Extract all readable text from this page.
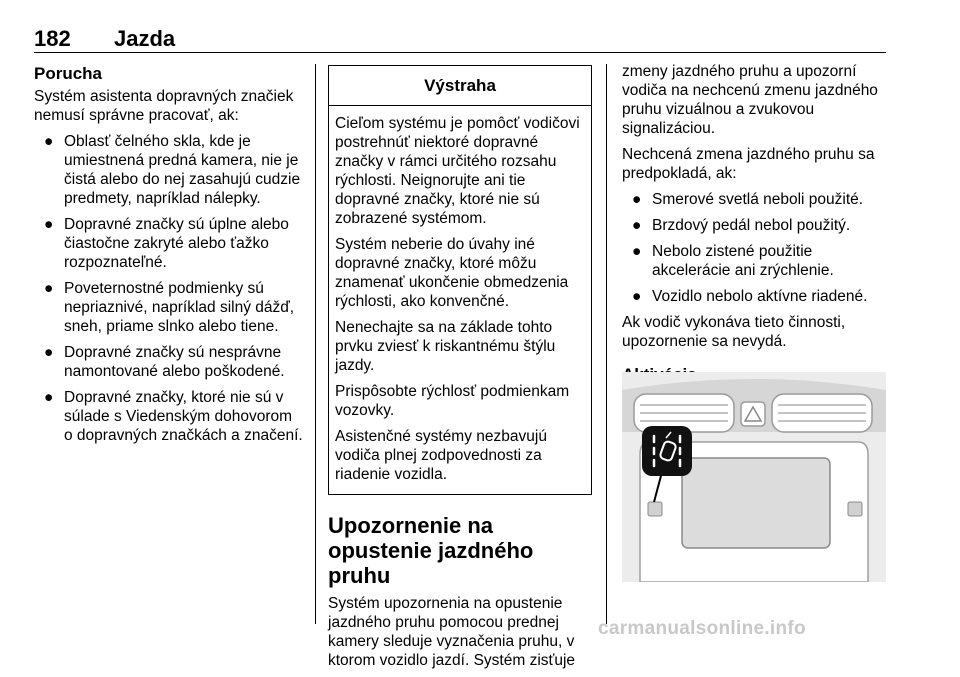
182 Jazda
Porucha

Systém asistenta dopravných značiek nemusí správne pracovať, ak:

● Oblasť čelného skla, kde je umiestnená predná kamera, nie je čistá alebo do nej zasahujú cudzie predmety, napríklad nálepky.
● Dopravné značky sú úplne alebo čiastočne zakryté alebo ťažko rozpoznateľné.
● Poveternostné podmienky sú nepriaznivé, napríklad silný dážď, sneh, priame slnko alebo tiene.
● Dopravné značky sú nesprávne namontované alebo poškodené.
● Dopravné značky, ktoré nie sú v súlade s Viedenským dohovorom o dopravných značkách a značení.
Výstraha

Cieľom systému je pomôcť vodičovi postrehnúť niektoré dopravné značky v rámci určitého rozsahu rýchlosti. Neignorujte ani tie dopravné značky, ktoré nie sú zobrazené systémom.

Systém neberie do úvahy iné dopravné značky, ktoré môžu znamenať ukončenie obmedzenia rýchlosti, ako konvenčné.

Nenechajte sa na základe tohto prvku zviesť k riskantnému štýlu jazdy.

Prispôsobte rýchlosť podmienkam vozovky.

Asistenčné systémy nezbavujú vodiča plnej zodpovednosti za riadenie vozidla.

Upozornenie na opustenie jazdného pruhu

Systém upozornenia na opustenie jazdného pruhu pomocou prednej kamery sleduje vyznačenia pruhu, v ktorom vozidlo jazdí. Systém zisťuje

zmeny jazdného pruhu a upozorní vodiča na nechcenú zmenu jazdného pruhu vizuálnou a zvukovou signalizáciou.

Nechcená zmena jazdného pruhu sa predpokladá, ak:

● Smerové svetlá neboli použité.
● Brzdový pedál nebol použitý.
● Nebolo zistené použitie akcelerácie ani zrýchlenie.
● Vozidlo nebolo aktívne riadené.

Ak vodič vykonáva tieto činnosti, upozornenie sa nevydá.

carmanualsonline.info
